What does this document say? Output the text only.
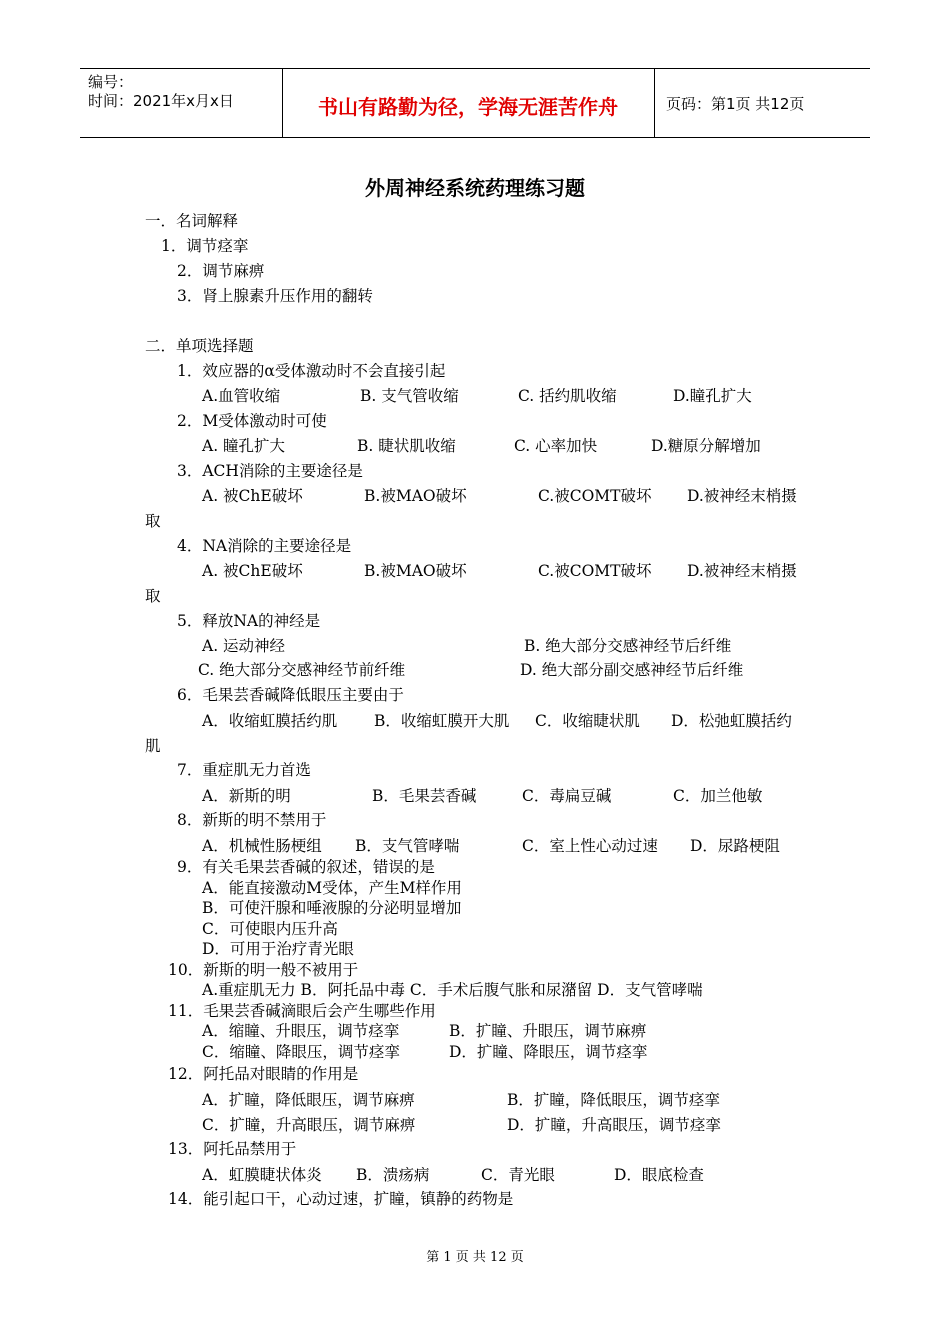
编号：
时间：2021年x月x日	书山有路勤为径，学海无涯苦作舟	页码：第1页 共12页
外周神经系统药理练习题
一．名词解释
1．调节痉挛
2．调节麻痹
3．肾上腺素升压作用的翻转
二．单项选择题
1．效应器的α受体激动时不会直接引起
A.血管收缩	B. 支气管收缩	C. 括约肌收缩	D.瞳孔扩大
2．M受体激动时可使
A. 瞳孔扩大	B. 睫状肌收缩	C. 心率加快	D.糖原分解增加
3．ACH消除的主要途径是
A. 被ChE破坏	B.被MAO破坏	C.被COMT破坏 D.被神经末梢摄
取
4．NA消除的主要途径是
A. 被ChE破坏	B.被MAO破坏	C.被COMT破坏 D.被神经末梢摄
取
5．释放NA的神经是
A. 运动神经	B. 绝大部分交感神经节后纤维
C. 绝大部分交感神经节前纤维	D. 绝大部分副交感神经节后纤维
6．毛果芸香碱降低眼压主要由于
A．收缩虹膜括约肌 B．收缩虹膜开大肌 C．收缩睫状肌 D．松弛虹膜括约
肌
7．重症肌无力首选
A．新斯的明	B．毛果芸香碱	C．毒扁豆碱	C．加兰他敏
8．新斯的明不禁用于
A．机械性肠梗组 B．支气管哮喘	C．室上性心动过速 D．尿路梗阻
9．有关毛果芸香碱的叙述，错误的是
A．能直接激动M受体，产生M样作用
B．可使汗腺和唾液腺的分泌明显增加
C．可使眼内压升高
D．可用于治疗青光眼
10．新斯的明一般不被用于
A.重症肌无力 B．阿托品中毒 C．手术后腹气胀和尿潴留 D．支气管哮喘
11．毛果芸香碱滴眼后会产生哪些作用
A．缩瞳、升眼压，调节痉挛	B．扩瞳、升眼压，调节麻痹
C．缩瞳、降眼压，调节痉挛	D．扩瞳、降眼压，调节痉挛
12．阿托品对眼睛的作用是
A．扩瞳，降低眼压，调节麻痹	B．扩瞳，降低眼压，调节痉挛
C．扩瞳，升高眼压，调节麻痹	D．扩瞳，升高眼压，调节痉挛
13．阿托品禁用于
A．虹膜睫状体炎 B．溃疡病	C．青光眼	D．眼底检查
14．能引起口干，心动过速，扩瞳，镇静的药物是
第 1 页 共 12 页
